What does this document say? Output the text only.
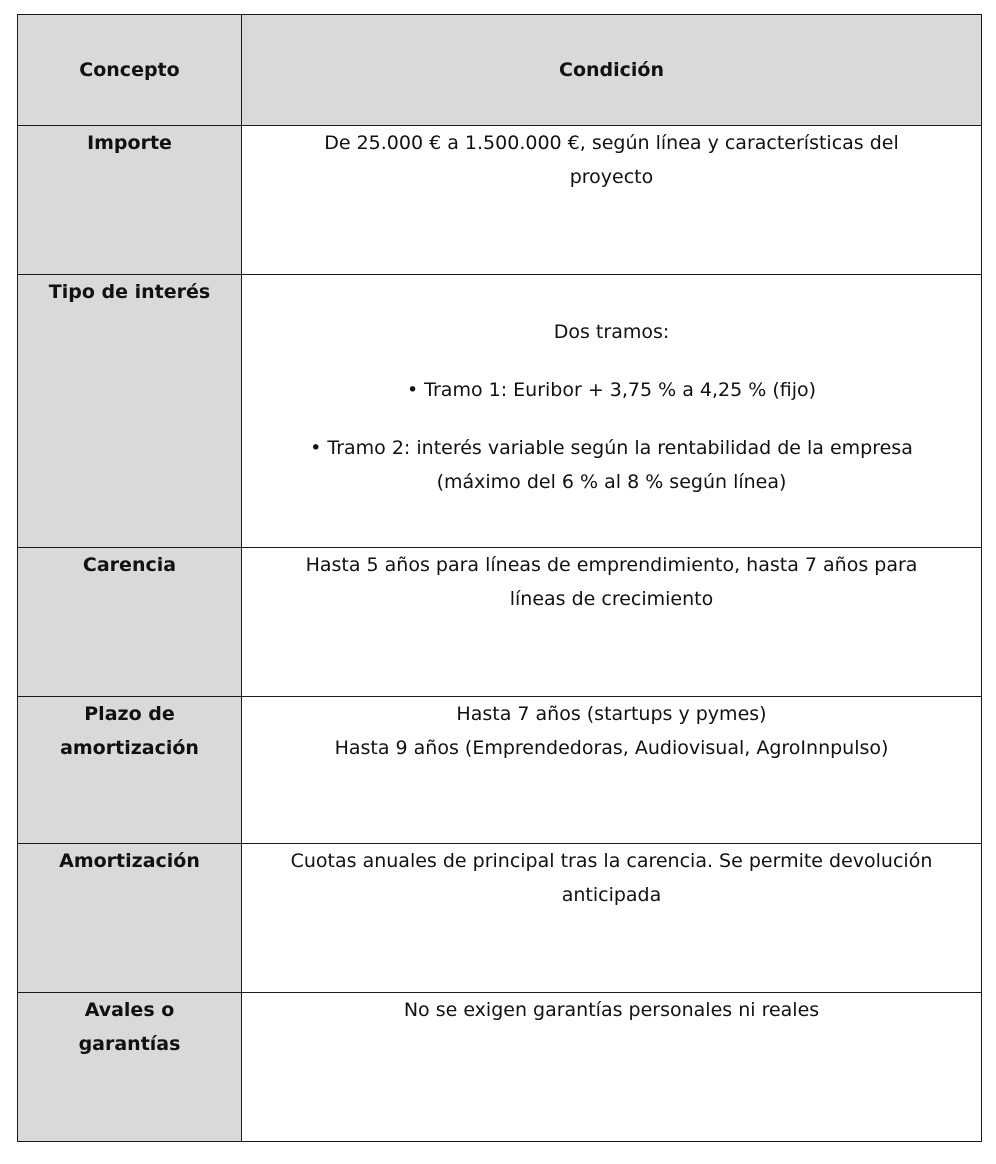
Concepto	Condición
Importe	De 25.000 € a 1.500.000 €, según línea y características del
proyecto

Tipo de interés	Dos tramos:
• Tramo 1: Euribor + 3,75 % a 4,25 % (fijo)
• Tramo 2: interés variable según la rentabilidad de la empresa
(máximo del 6 % al 8 % según línea)

Carencia	Hasta 5 años para líneas de emprendimiento, hasta 7 años para
líneas de crecimiento

Plazo de
amortización	Hasta 7 años (startups y pymes)
Hasta 9 años (Emprendedoras, Audiovisual, AgroInnpulso)

Amortización	Cuotas anuales de principal tras la carencia. Se permite devolución
anticipada

Avales o
garantías	No se exigen garantías personales ni reales
